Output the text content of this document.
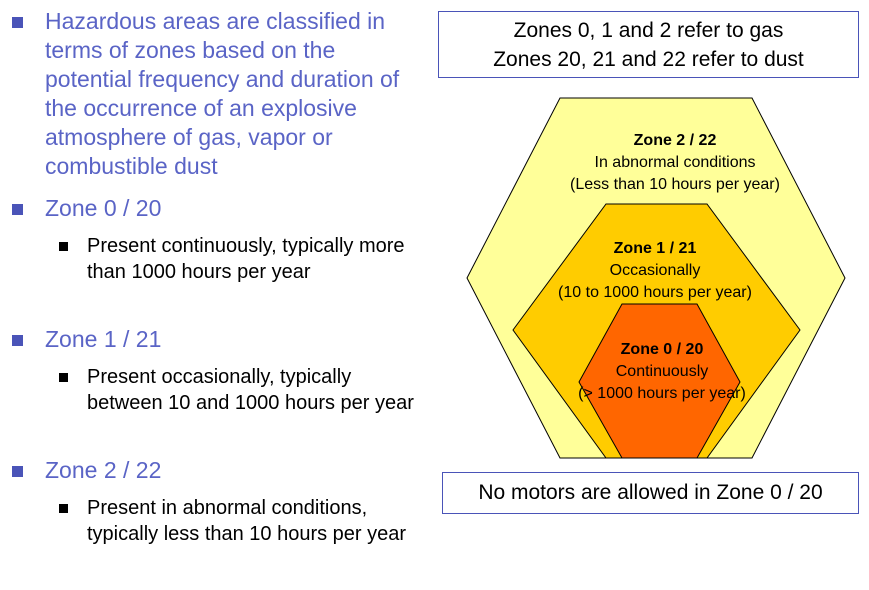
Hazardous areas are classified in terms of zones based on the potential frequency and duration of the occurrence of an explosive atmosphere of gas, vapor or combustible dust
Zone 0 / 20
Present continuously, typically more than 1000 hours per year
Zone 1 / 21
Present occasionally, typically between 10 and 1000 hours per year
Zone 2 / 22
Present in abnormal conditions, typically less than 10 hours per year
Zones 0, 1 and 2 refer to gas
Zones 20, 21 and 22 refer to dust
Zone 2 / 22
In abnormal conditions
(Less than 10 hours per year)
Zone 1 / 21
Occasionally
(10 to 1000 hours per year)
Zone 0 / 20
Continuously
(> 1000 hours per year)
No motors are allowed in Zone 0 / 20
